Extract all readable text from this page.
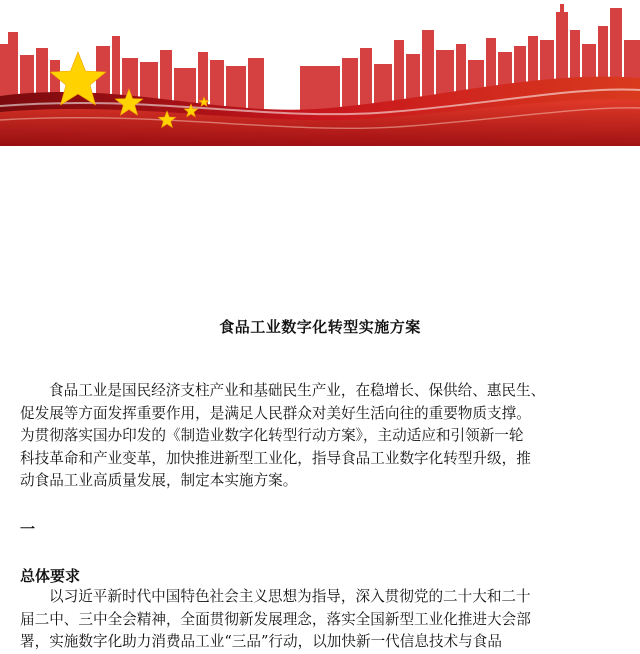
食品工业数字化转型实施方案
食品工业是国民经济支柱产业和基础民生产业，在稳增长、保供给、惠民生、
促发展等方面发挥重要作用，是满足人民群众对美好生活向往的重要物质支撑。
为贯彻落实国办印发的《制造业数字化转型行动方案》，主动适应和引领新一轮
科技革命和产业变革，加快推进新型工业化，指导食品工业数字化转型升级，推
动食品工业高质量发展，制定本实施方案。
一
总体要求
以习近平新时代中国特色社会主义思想为指导，深入贯彻党的二十大和二十
届二中、三中全会精神，全面贯彻新发展理念，落实全国新型工业化推进大会部
署，实施数字化助力消费品工业“三品”行动，以加快新一代信息技术与食品
